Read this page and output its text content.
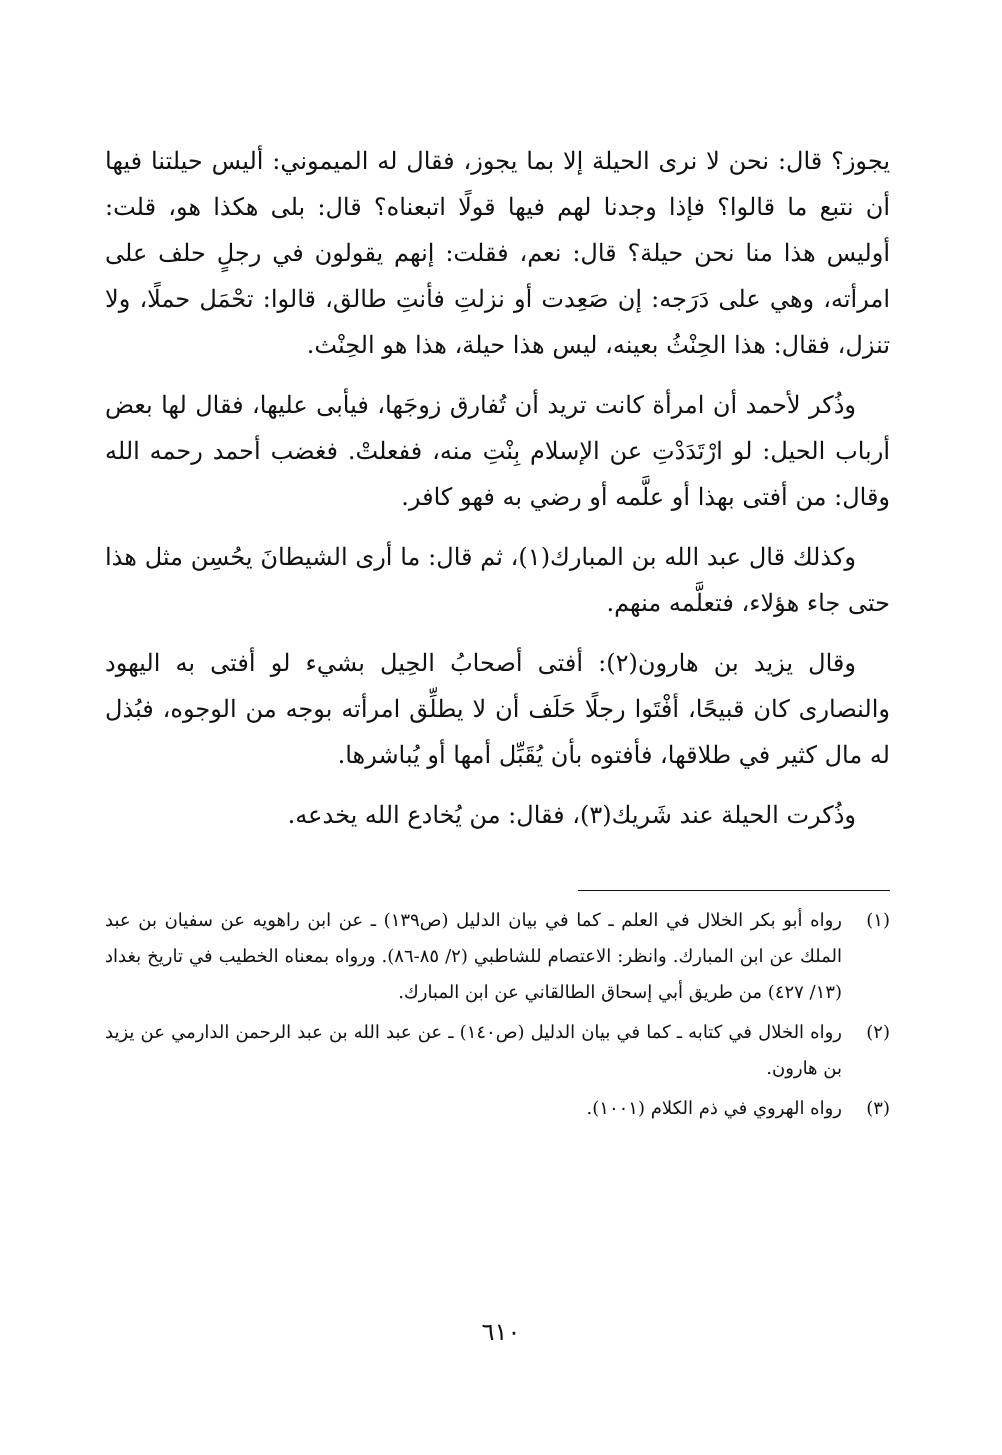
يجوز؟ قال: نحن لا نرى الحيلة إلا بما يجوز، فقال له الميموني: أليس حيلتنا فيها أن نتبع ما قالوا؟ فإذا وجدنا لهم فيها قولًا اتبعناه؟ قال: بلى هكذا هو، قلت: أوليس هذا منا نحن حيلة؟ قال: نعم، فقلت: إنهم يقولون في رجلٍ حلف على امرأته، وهي على دَرَجه: إن صَعِدت أو نزلتِ فأنتِ طالق، قالوا: تحْمَل حملًا، ولا تنزل، فقال: هذا الحِنْثُ بعينه، ليس هذا حيلة، هذا هو الحِنْث.

وذُكر لأحمد أن امرأة كانت تريد أن تُفارق زوجَها، فيأبى عليها، فقال لها بعض أرباب الحيل: لو ارْتَدَدْتِ عن الإسلام بِنْتِ منه، ففعلتْ. فغضب أحمد رحمه الله وقال: من أفتى بهذا أو علَّمه أو رضي به فهو كافر.

وكذلك قال عبد الله بن المبارك(١)، ثم قال: ما أرى الشيطانَ يحُسِن مثل هذا حتى جاء هؤلاء، فتعلَّمه منهم.

وقال يزيد بن هارون(٢): أفتى أصحابُ الحِيل بشيء لو أفتى به اليهود والنصارى كان قبيحًا، أفْتَوا رجلًا حَلَف أن لا يطلِّق امرأته بوجه من الوجوه، فبُذل له مال كثير في طلاقها، فأفتوه بأن يُقَبِّل أمها أو يُباشرها.

وذُكرت الحيلة عند شَريك(٣)، فقال: من يُخادع الله يخدعه.

(١)
رواه أبو بكر الخلال في العلم ـ كما في بيان الدليل (ص١٣٩) ـ عن ابن راهويه عن سفيان بن عبد الملك عن ابن المبارك. وانظر: الاعتصام للشاطبي (٢/ ٨٥-٨٦). ورواه بمعناه الخطيب في تاريخ بغداد (١٣/ ٤٢٧) من طريق أبي إسحاق الطالقاني عن ابن المبارك.
(٢)
رواه الخلال في كتابه ـ كما في بيان الدليل (ص١٤٠) ـ عن عبد الله بن عبد الرحمن الدارمي عن يزيد بن هارون.
(٣)
رواه الهروي في ذم الكلام (١٠٠١).
٦١٠
